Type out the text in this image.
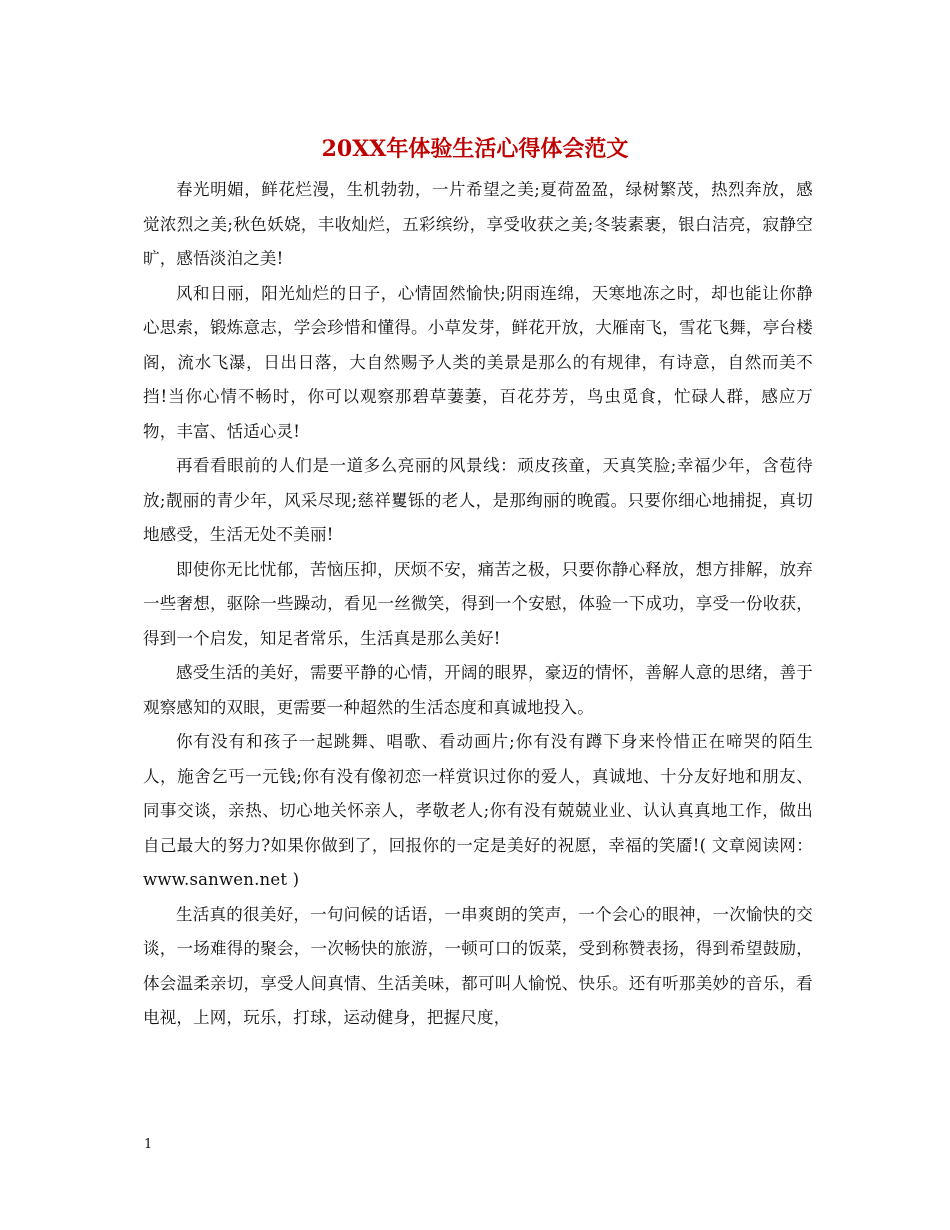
20XX年体验生活心得体会范文

春光明媚，鲜花烂漫，生机勃勃，一片希望之美;夏荷盈盈，绿树繁茂，热烈奔放，感觉浓烈之美;秋色妖娆，丰收灿烂，五彩缤纷，享受收获之美;冬装素裹，银白洁亮，寂静空旷，感悟淡泊之美!

风和日丽，阳光灿烂的日子，心情固然愉快;阴雨连绵，天寒地冻之时，却也能让你静心思索，锻炼意志，学会珍惜和懂得。小草发芽，鲜花开放，大雁南飞，雪花飞舞，亭台楼阁，流水飞瀑，日出日落，大自然赐予人类的美景是那么的有规律，有诗意，自然而美不挡!当你心情不畅时，你可以观察那碧草萋萋，百花芬芳，鸟虫觅食，忙碌人群，感应万物，丰富、恬适心灵!

再看看眼前的人们是一道多么亮丽的风景线：顽皮孩童，天真笑脸;幸福少年，含苞待放;靓丽的青少年，风采尽现;慈祥矍铄的老人，是那绚丽的晚霞。只要你细心地捕捉，真切地感受，生活无处不美丽!

即使你无比忧郁，苦恼压抑，厌烦不安，痛苦之极，只要你静心释放，想方排解，放弃一些奢想，驱除一些躁动，看见一丝微笑，得到一个安慰，体验一下成功，享受一份收获，得到一个启发，知足者常乐，生活真是那么美好!

感受生活的美好，需要平静的心情，开阔的眼界，豪迈的情怀，善解人意的思绪，善于观察感知的双眼，更需要一种超然的生活态度和真诚地投入。

你有没有和孩子一起跳舞、唱歌、看动画片;你有没有蹲下身来怜惜正在啼哭的陌生人，施舍乞丐一元钱;你有没有像初恋一样赏识过你的爱人，真诚地、十分友好地和朋友、同事交谈，亲热、切心地关怀亲人，孝敬老人;你有没有兢兢业业、认认真真地工作，做出自己最大的努力?如果你做到了，回报你的一定是美好的祝愿，幸福的笑靥!( 文章阅读网：www.sanwen.net )

生活真的很美好，一句问候的话语，一串爽朗的笑声，一个会心的眼神，一次愉快的交谈，一场难得的聚会，一次畅快的旅游，一顿可口的饭菜，受到称赞表扬，得到希望鼓励，体会温柔亲切，享受人间真情、生活美味，都可叫人愉悦、快乐。还有听那美妙的音乐，看电视，上网，玩乐，打球，运动健身，把握尺度，

1
